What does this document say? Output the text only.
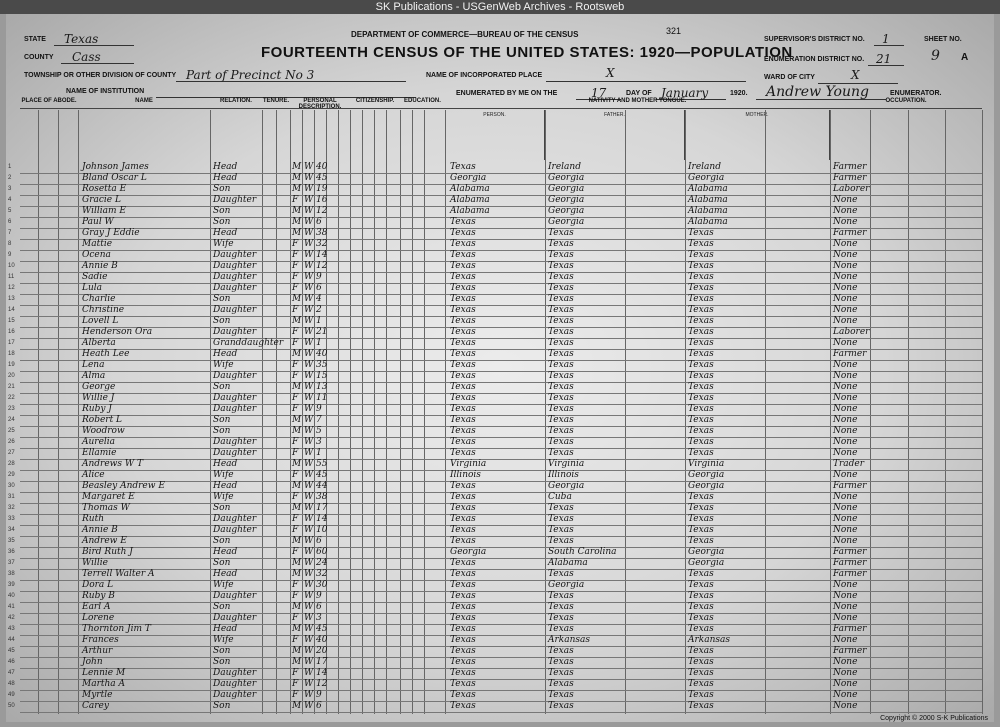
SK Publications - USGenWeb Archives - Rootsweb
STATE Texas
COUNTY Cass
TOWNSHIP OR OTHER DIVISION OF COUNTY Part of Precinct No 3
NAME OF INSTITUTION
DEPARTMENT OF COMMERCE—BUREAU OF THE CENSUS	321
FOURTEENTH CENSUS OF THE UNITED STATES: 1920—POPULATION
NAME OF INCORPORATED PLACE	X
ENUMERATED BY ME ON THE	17	DAY OF January	1920. Andrew Young	ENUMERATOR.
WARD OF CITY	X
SUPERVISOR'S DISTRICT NO. 1
ENUMERATION DISTRICT NO. 21
SHEET NO.
9 A
PLACE OF ABODE.	NAME	RELATION.	TENURE.	PERSONAL DESCRIPTION.
CITIZENSHIP.	EDUCATION.	NATIVITY AND MOTHER TONGUE.	OCCUPATION.
PERSON.	FATHER.	MOTHER.
1	Johnson James	Head	M W 40	Texas	Ireland	Ireland	Farmer
2	Bland Oscar L	Head	M W 45	Georgia	Georgia	Georgia	Farmer
3	Rosetta E	Son	M W 19	Alabama	Georgia	Alabama	Laborer
4	Gracie L	Daughter	F W 16	Alabama	Georgia	Alabama	None
5	William E	Son	M W 12	Alabama	Georgia	Alabama	None
6	Paul W	Son	M W 6	Texas	Georgia	Alabama	None
7	Gray J Eddie	Head	M W 38	Texas	Texas	Texas	Farmer
8	Mattie	Wife	F W 32	Texas	Texas	Texas	None
9	Ocena	Daughter	F W 14	Texas	Texas	Texas	None
10	Annie B	Daughter	F W 12	Texas	Texas	Texas	None
11	Sadie	Daughter	F W 9	Texas	Texas	Texas	None
12	Lula	Daughter	F W 6	Texas	Texas	Texas	None
13	Charlie	Son	M W 4	Texas	Texas	Texas	None
14	Christine	Daughter	F W 2	Texas	Texas	Texas	None
15	Lovell L	Son	M W 1	Texas	Texas	Texas	None
16	Henderson Ora	Daughter	F W 21	Texas	Texas	Texas	Laborer
17	Alberta	Granddaughter F W 1	Texas	Texas	Texas	None
18	Heath Lee	Head	M W 40	Texas	Texas	Texas	Farmer
19	Lena	Wife	F W 35	Texas	Texas	Texas	None
20	Alma	Daughter	F W 15	Texas	Texas	Texas	None
21	George	Son	M W 13	Texas	Texas	Texas	None
22	Willie J	Daughter	F W 11	Texas	Texas	Texas	None
23	Ruby J	Daughter	F W 9	Texas	Texas	Texas	None
24	Robert L	Son	M W 7	Texas	Texas	Texas	None
25	Woodrow	Son	M W 5	Texas	Texas	Texas	None
26	Aurelia	Daughter	F W 3	Texas	Texas	Texas	None
27	Ellamie	Daughter	F W 1	Texas	Texas	Texas	None
28	Andrews W T	Head	M W 55	Virginia	Virginia	Virginia	Trader
29	Alice	Wife	F W 45	Illinois	Illinois	Georgia	None
30	Beasley Andrew E	Head	M W 44	Texas	Georgia	Georgia	Farmer
31	Margaret E	Wife	F W 38	Texas	Cuba	Texas	None
32	Thomas W	Son	M W 17	Texas	Texas	Texas	None
33	Ruth	Daughter	F W 14	Texas	Texas	Texas	None
34	Annie B	Daughter	F W 10	Texas	Texas	Texas	None
35	Andrew E	Son	M W 6	Texas	Texas	Texas	None
36	Bird Ruth J	Head	F W 60	Georgia	South Carolina	Georgia	Farmer
37	Willie	Son	M W 24	Texas	Alabama	Georgia	Farmer
38	Terrell Walter A	Head	M W 32	Texas	Texas	Texas	Farmer
39	Dora L	Wife	F W 30	Texas	Georgia	Texas	None
40	Ruby B	Daughter	F W 9	Texas	Texas	Texas	None
41	Earl A	Son	M W 6	Texas	Texas	Texas	None
42	Lorene	Daughter	F W 3	Texas	Texas	Texas	None
43	Thornton Jim T	Head	M W 45	Texas	Texas	Texas	Farmer
44	Frances	Wife	F W 40	Texas	Arkansas	Arkansas	None
45	Arthur	Son	M W 20	Texas	Texas	Texas	Farmer
46	John	Son	M W 17	Texas	Texas	Texas	None
47	Lennie M	Daughter	F W 14	Texas	Texas	Texas	None
48	Martha A	Daughter	F W 12	Texas	Texas	Texas	None
49	Myrtle	Daughter	F W 9	Texas	Texas	Texas	None
50	Carey	Son	M W 6	Texas	Texas	Texas	None
Copyright © 2000 S-K Publications
